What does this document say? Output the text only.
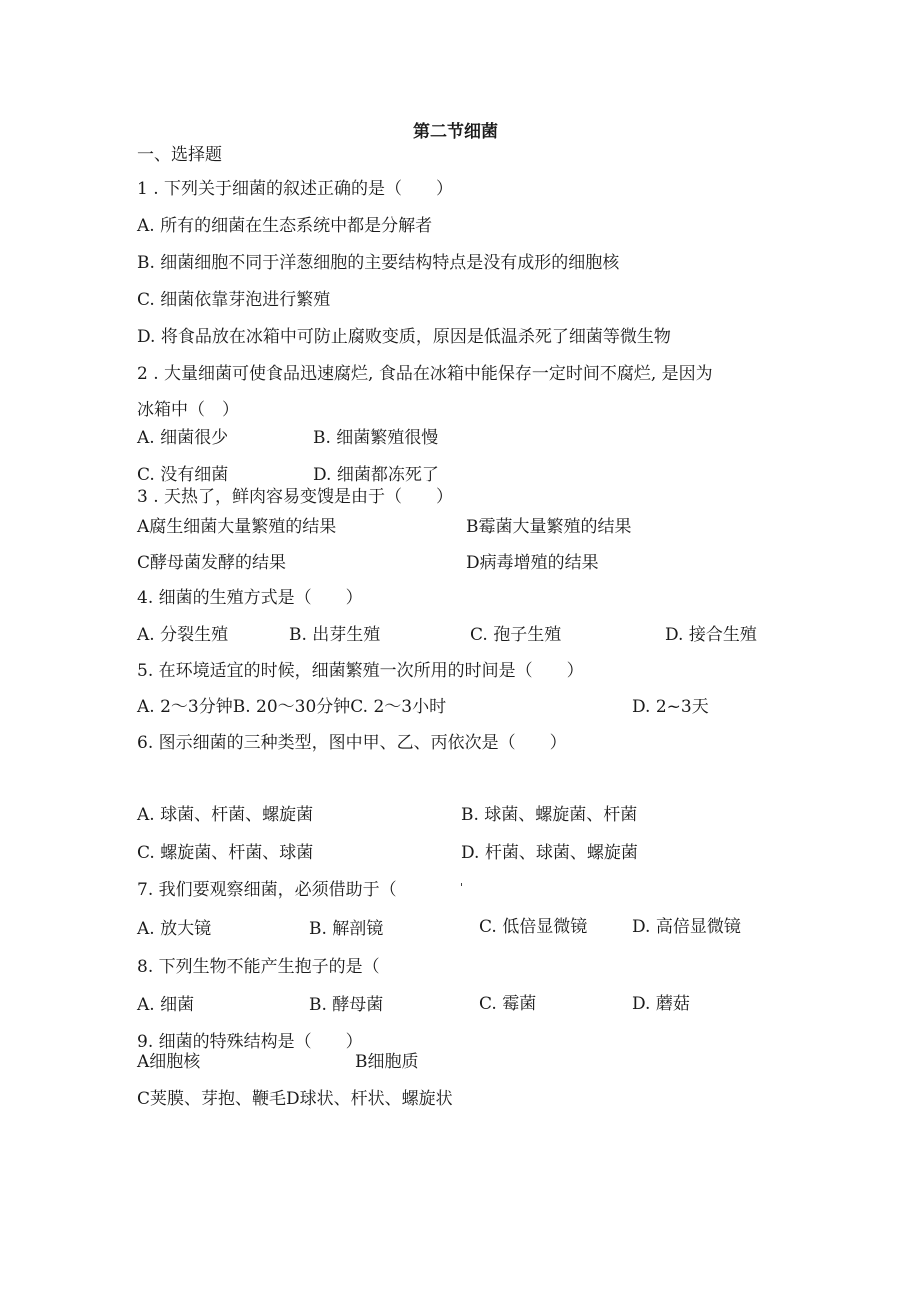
第二节细菌
一、选择题
1 . 下列关于细菌的叙述正确的是（　　）
A. 所有的细菌在生态系统中都是分解者
B. 细菌细胞不同于洋葱细胞的主要结构特点是没有成形的细胞核
C. 细菌依靠芽泡进行繁殖
D. 将食品放在冰箱中可防止腐败变质，原因是低温杀死了细菌等微生物
2 . 大量细菌可使食品迅速腐烂, 食品在冰箱中能保存一定时间不腐烂, 是因为
冰箱中（　）
A. 细菌很少	B. 细菌繁殖很慢
C. 没有细菌	D. 细菌都冻死了
3 . 天热了，鲜肉容易变馊是由于（　　）
A腐生细菌大量繁殖的结果	B霉菌大量繁殖的结果
C酵母菌发酵的结果	D病毒增殖的结果
4. 细菌的生殖方式是（　　）
A. 分裂生殖	B. 出芽生殖	C. 孢子生殖	D. 接合生殖
5. 在环境适宜的时候，细菌繁殖一次所用的时间是（　　）
A. 2～3分钟B. 20～30分钟C. 2～3小时	D. 2~3天
6. 图示细菌的三种类型，图中甲、乙、丙依次是（　　）
A. 球菌、杆菌、螺旋菌	B. 球菌、螺旋菌、杆菌
C. 螺旋菌、杆菌、球菌	D. 杆菌、球菌、螺旋菌
7. 我们要观察细菌，必须借助于（	'
A. 放大镜	B. 解剖镜	C. 低倍显微镜	D. 高倍显微镜
8. 下列生物不能产生抱子的是（
A. 细菌	B. 酵母菌	C. 霉菌	D. 蘑菇
9. 细菌的特殊结构是（　　）
A细胞核	B细胞质
C荚膜、芽抱、鞭毛D球状、杆状、螺旋状
